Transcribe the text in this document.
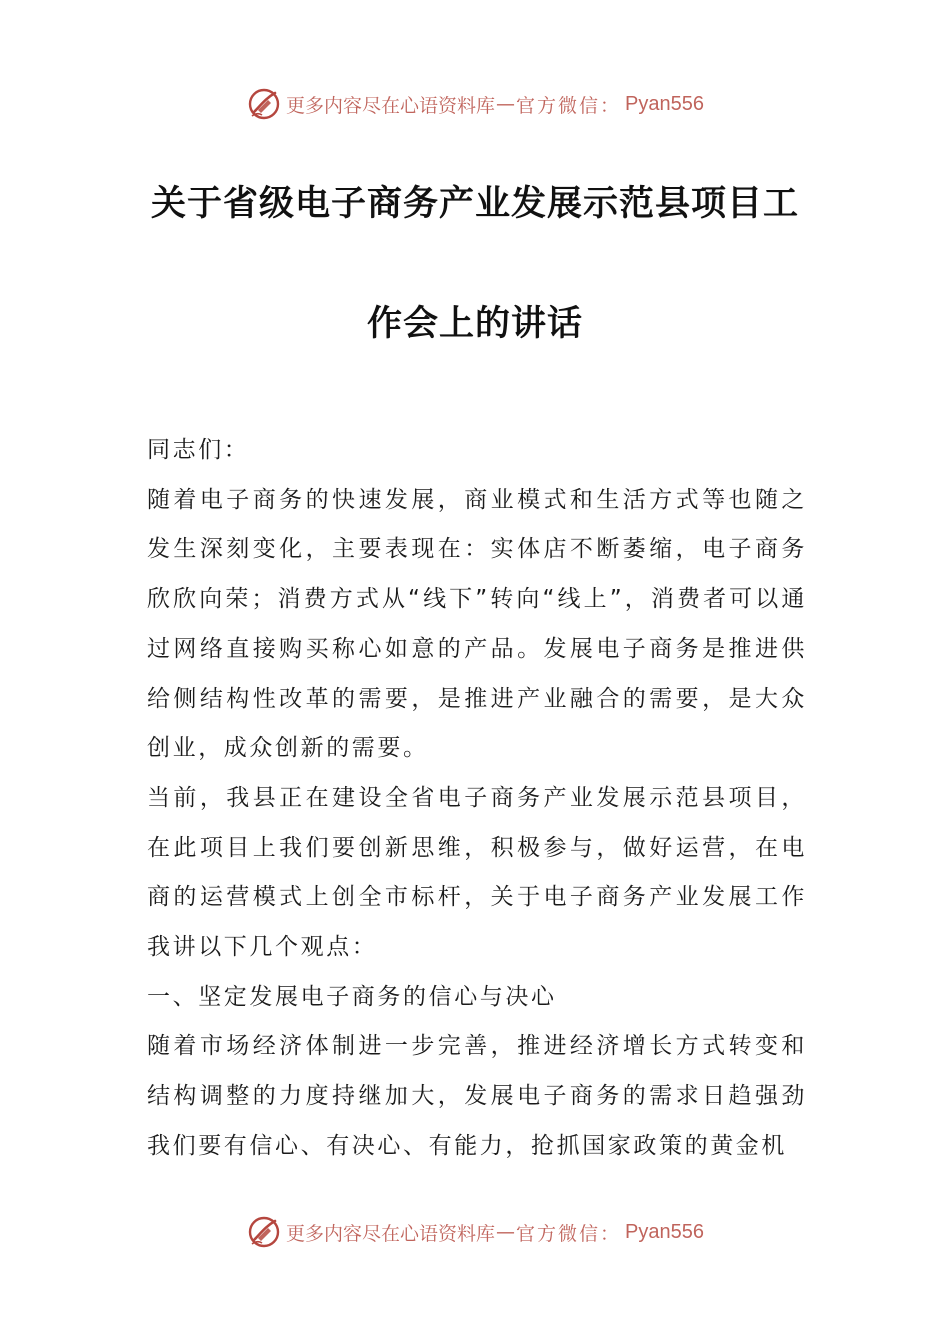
更多内容尽在心语资料库 — 官方微信： Pyan556
关于省级电子商务产业发展示范县项目工
作会上的讲话

同志们：

随着电子商务的快速发展，商业模式和生活方式等也随之发生深刻变化，主要表现在：实体店不断萎缩，电子商务欣欣向荣；消费方式从“线下”转向“线上”，消费者可以通过网络直接购买称心如意的产品。发展电子商务是推进供给侧结构性改革的需要，是推进产业融合的需要，是大众创业，成众创新的需要。

当前，我县正在建设全省电子商务产业发展示范县项目，在此项目上我们要创新思维，积极参与，做好运营，在电商的运营模式上创全市标杆，关于电子商务产业发展工作我讲以下几个观点：

一、坚定发展电子商务的信心与决心

随着市场经济体制进一步完善，推进经济增长方式转变和结构调整的力度持继加大，发展电子商务的需求日趋强劲我们要有信心、有决心、有能力，抢抓国家政策的黄金机

更多内容尽在心语资料库 — 官方微信： Pyan556
